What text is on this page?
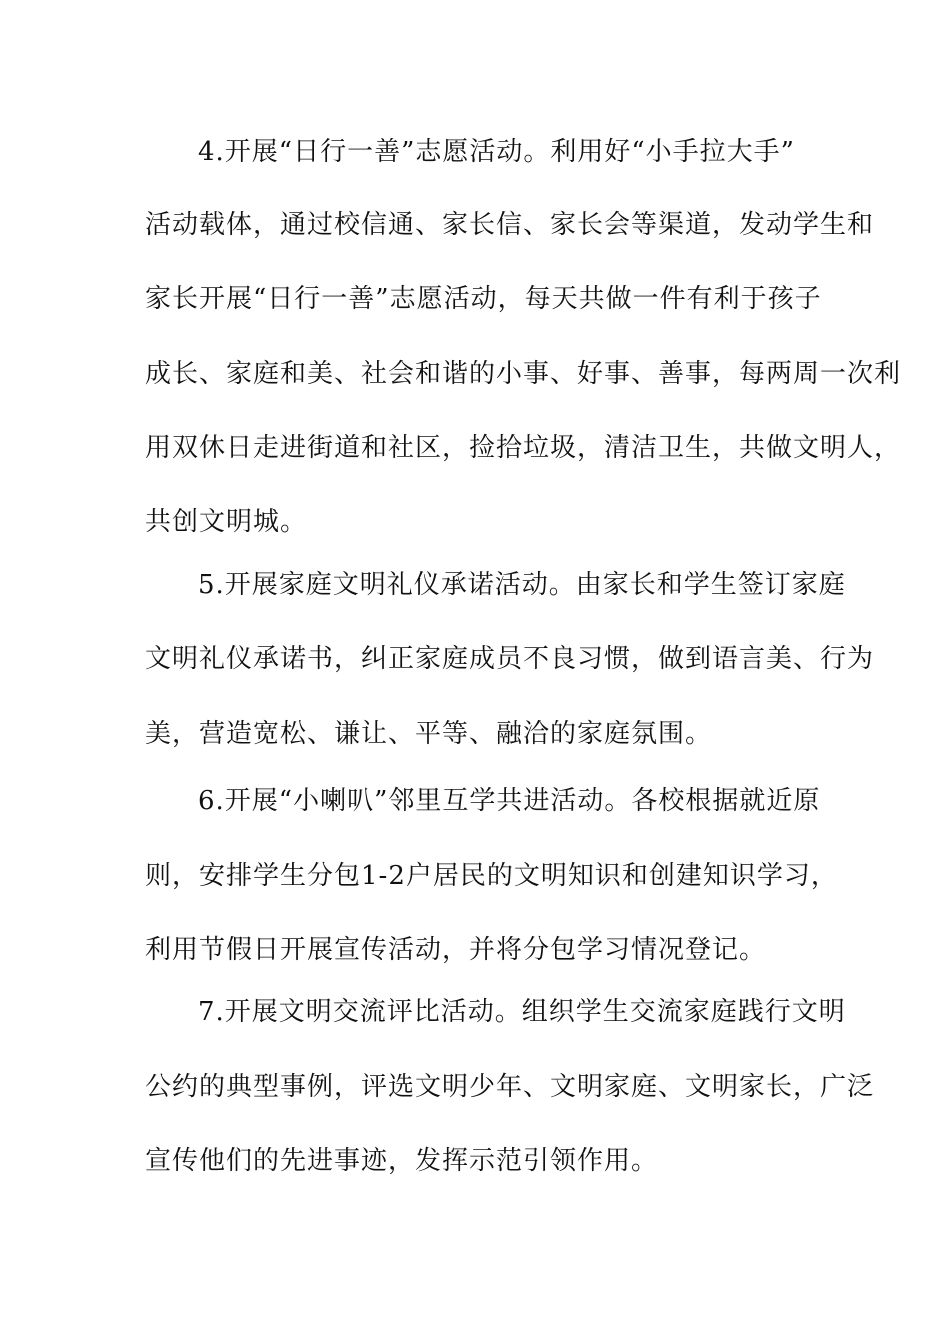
4.开展“日行一善”志愿活动。利用好“小手拉大手”
活动载体，通过校信通、家长信、家长会等渠道，发动学生和
家长开展“日行一善”志愿活动，每天共做一件有利于孩子
成长、家庭和美、社会和谐的小事、好事、善事，每两周一次利
用双休日走进街道和社区，捡拾垃圾，清洁卫生，共做文明人，
共创文明城。
5.开展家庭文明礼仪承诺活动。由家长和学生签订家庭
文明礼仪承诺书，纠正家庭成员不良习惯，做到语言美、行为
美，营造宽松、谦让、平等、融洽的家庭氛围。
6.开展“小喇叭”邻里互学共进活动。各校根据就近原
则，安排学生分包1-2户居民的文明知识和创建知识学习，
利用节假日开展宣传活动，并将分包学习情况登记。
7.开展文明交流评比活动。组织学生交流家庭践行文明
公约的典型事例，评选文明少年、文明家庭、文明家长，广泛
宣传他们的先进事迹，发挥示范引领作用。
